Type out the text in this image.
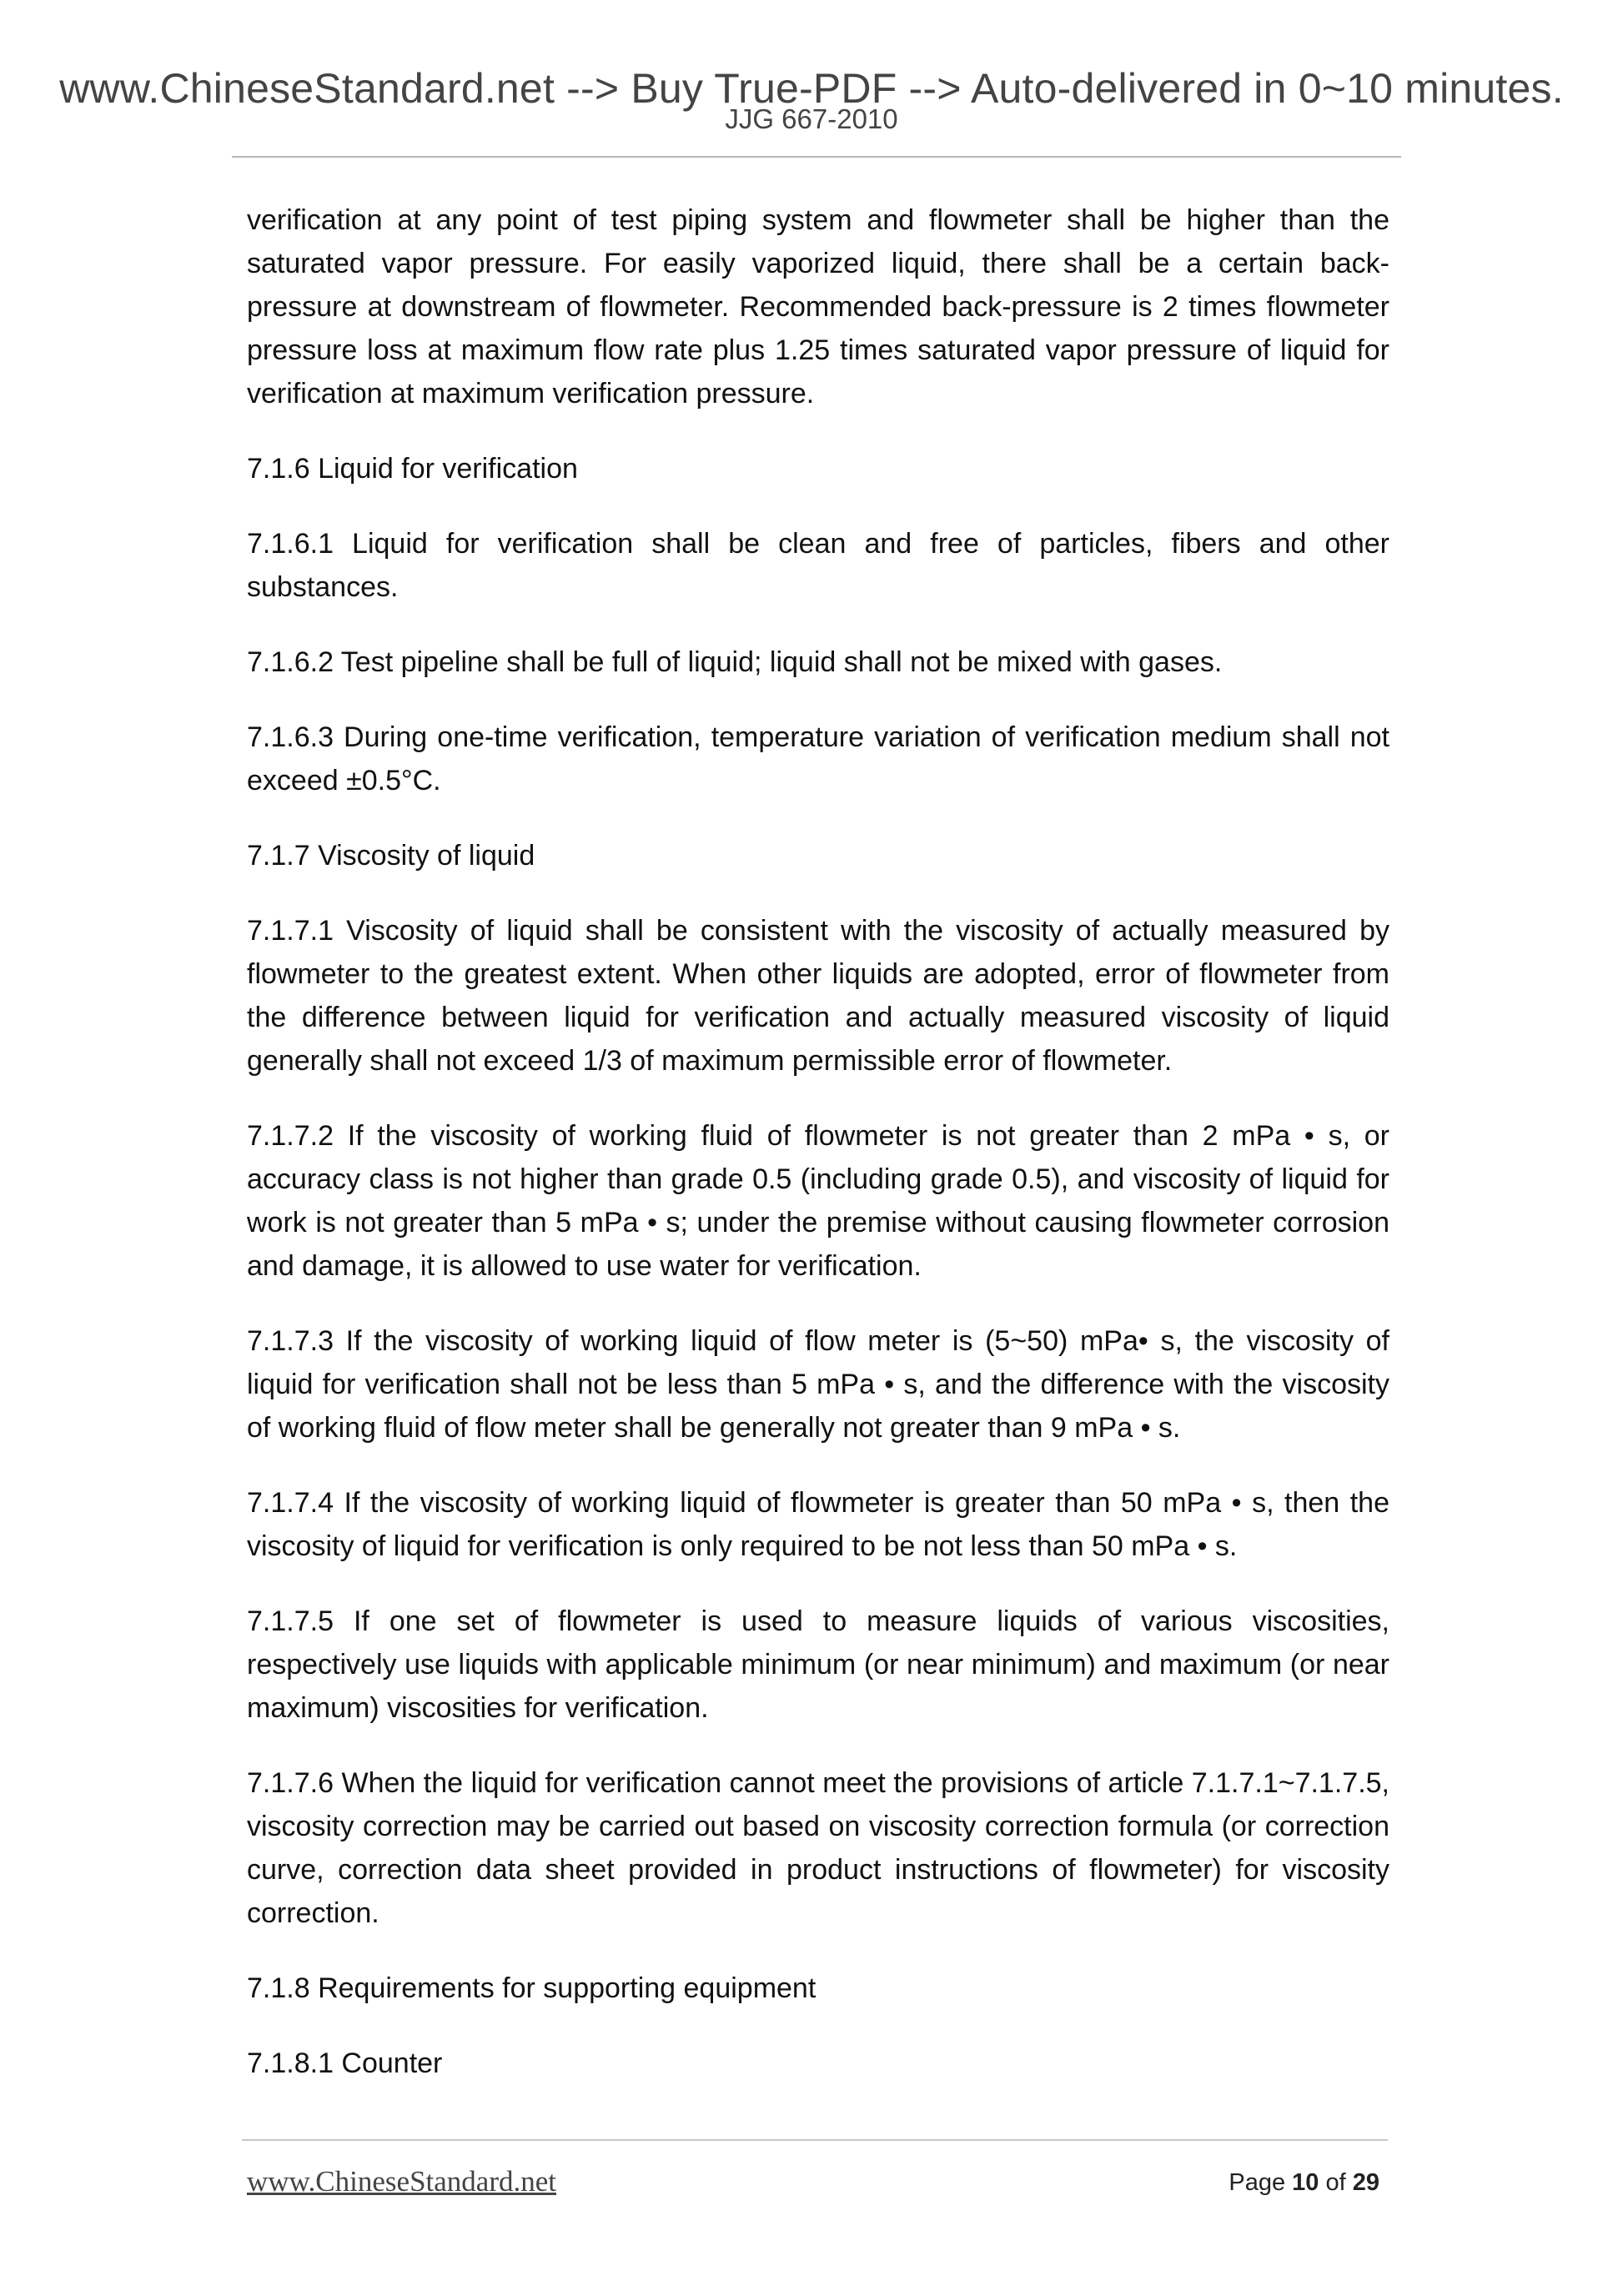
www.ChineseStandard.net --> Buy True-PDF --> Auto-delivered in 0~10 minutes.
JJG 667-2010

verification at any point of test piping system and flowmeter shall be higher than the saturated vapor pressure. For easily vaporized liquid, there shall be a certain back-pressure at downstream of flowmeter. Recommended back-pressure is 2 times flowmeter pressure loss at maximum flow rate plus 1.25 times saturated vapor pressure of liquid for verification at maximum verification pressure.

7.1.6 Liquid for verification

7.1.6.1 Liquid for verification shall be clean and free of particles, fibers and other substances.

7.1.6.2 Test pipeline shall be full of liquid; liquid shall not be mixed with gases.

7.1.6.3 During one-time verification, temperature variation of verification medium shall not exceed ±0.5°C.

7.1.7 Viscosity of liquid

7.1.7.1 Viscosity of liquid shall be consistent with the viscosity of actually measured by flowmeter to the greatest extent. When other liquids are adopted, error of flowmeter from the difference between liquid for verification and actually measured viscosity of liquid generally shall not exceed 1/3 of maximum permissible error of flowmeter.

7.1.7.2 If the viscosity of working fluid of flowmeter is not greater than 2 mPa • s, or accuracy class is not higher than grade 0.5 (including grade 0.5), and viscosity of liquid for work is not greater than 5 mPa • s; under the premise without causing flowmeter corrosion and damage, it is allowed to use water for verification.

7.1.7.3 If the viscosity of working liquid of flow meter is (5~50) mPa• s, the viscosity of liquid for verification shall not be less than 5 mPa • s, and the difference with the viscosity of working fluid of flow meter shall be generally not greater than 9 mPa • s.

7.1.7.4 If the viscosity of working liquid of flowmeter is greater than 50 mPa • s, then the viscosity of liquid for verification is only required to be not less than 50 mPa • s.

7.1.7.5 If one set of flowmeter is used to measure liquids of various viscosities, respectively use liquids with applicable minimum (or near minimum) and maximum (or near maximum) viscosities for verification.

7.1.7.6 When the liquid for verification cannot meet the provisions of article 7.1.7.1~7.1.7.5, viscosity correction may be carried out based on viscosity correction formula (or correction curve, correction data sheet provided in product instructions of flowmeter) for viscosity correction.

7.1.8 Requirements for supporting equipment

7.1.8.1 Counter

www.ChineseStandard.net	Page 10 of 29
